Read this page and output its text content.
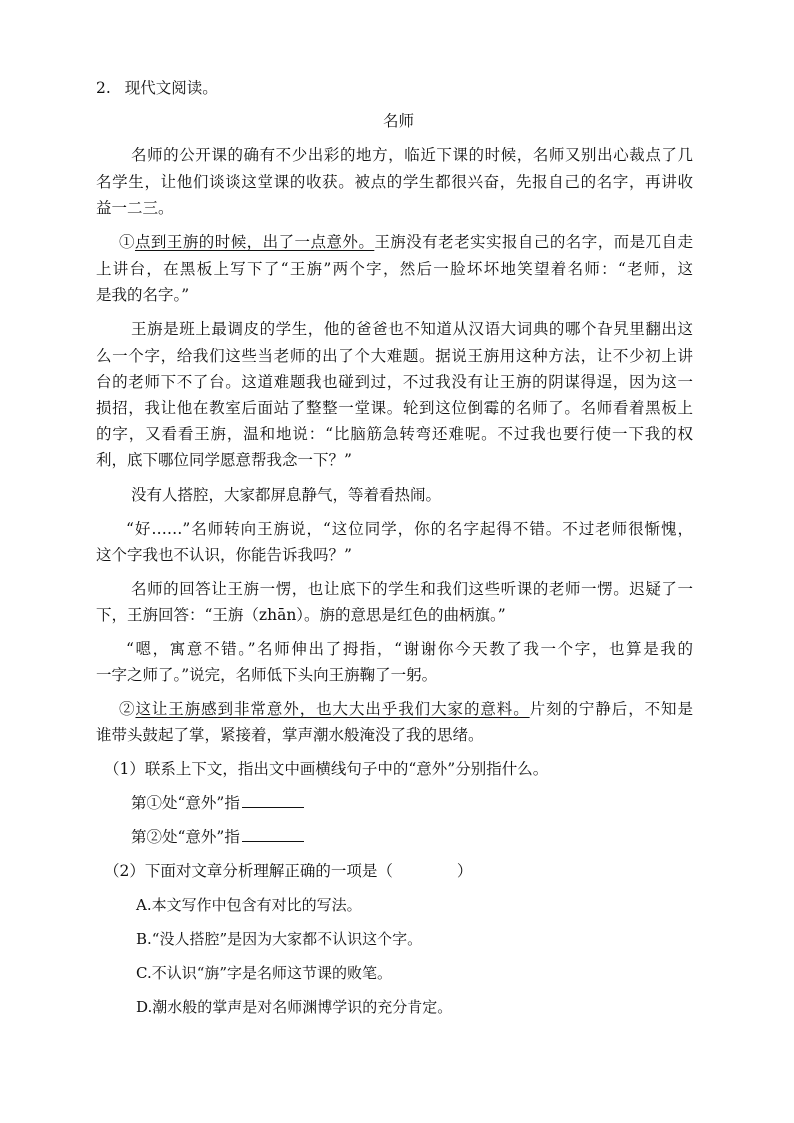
2. 现代文阅读。

名师

名师的公开课的确有不少出彩的地方，临近下课的时候，名师又别出心裁点了几

名学生，让他们谈谈这堂课的收获。被点的学生都很兴奋，先报自己的名字，再讲收

益一二三。

①点到王旃的时候，出了一点意外。王旃没有老老实实报自己的名字，而是兀自走

上讲台，在黑板上写下了“王旃”两个字，然后一脸坏坏地笑望着名师：“老师，这

是我的名字。”

王旃是班上最调皮的学生，他的爸爸也不知道从汉语大词典的哪个旮旯里翻出这

么一个字，给我们这些当老师的出了个大难题。据说王旃用这种方法，让不少初上讲

台的老师下不了台。这道难题我也碰到过，不过我没有让王旃的阴谋得逞，因为这一

损招，我让他在教室后面站了整整一堂课。轮到这位倒霉的名师了。名师看着黑板上

的字，又看看王旃，温和地说：“比脑筋急转弯还难呢。不过我也要行使一下我的权

利，底下哪位同学愿意帮我念一下？”

没有人搭腔，大家都屏息静气，等着看热闹。

“好……”名师转向王旃说，“这位同学，你的名字起得不错。不过老师很惭愧，

这个字我也不认识，你能告诉我吗？”

名师的回答让王旃一愣，也让底下的学生和我们这些听课的老师一愣。迟疑了一

下，王旃回答：“王旃（zhān）。旃的意思是红色的曲柄旗。”

“嗯，寓意不错。”名师伸出了拇指，“谢谢你今天教了我一个字，也算是我的

一字之师了。”说完，名师低下头向王旃鞠了一躬。

②这让王旃感到非常意外，也大大出乎我们大家的意料。片刻的宁静后，不知是

谁带头鼓起了掌，紧接着，掌声潮水般淹没了我的思绪。

（1）联系上下文，指出文中画横线句子中的“意外”分别指什么。

第①处“意外”指

第②处“意外”指

（2）下面对文章分析理解正确的一项是（	）

A.本文写作中包含有对比的写法。

B.“没人搭腔”是因为大家都不认识这个字。

C.不认识“旃”字是名师这节课的败笔。

D.潮水般的掌声是对名师渊博学识的充分肯定。
